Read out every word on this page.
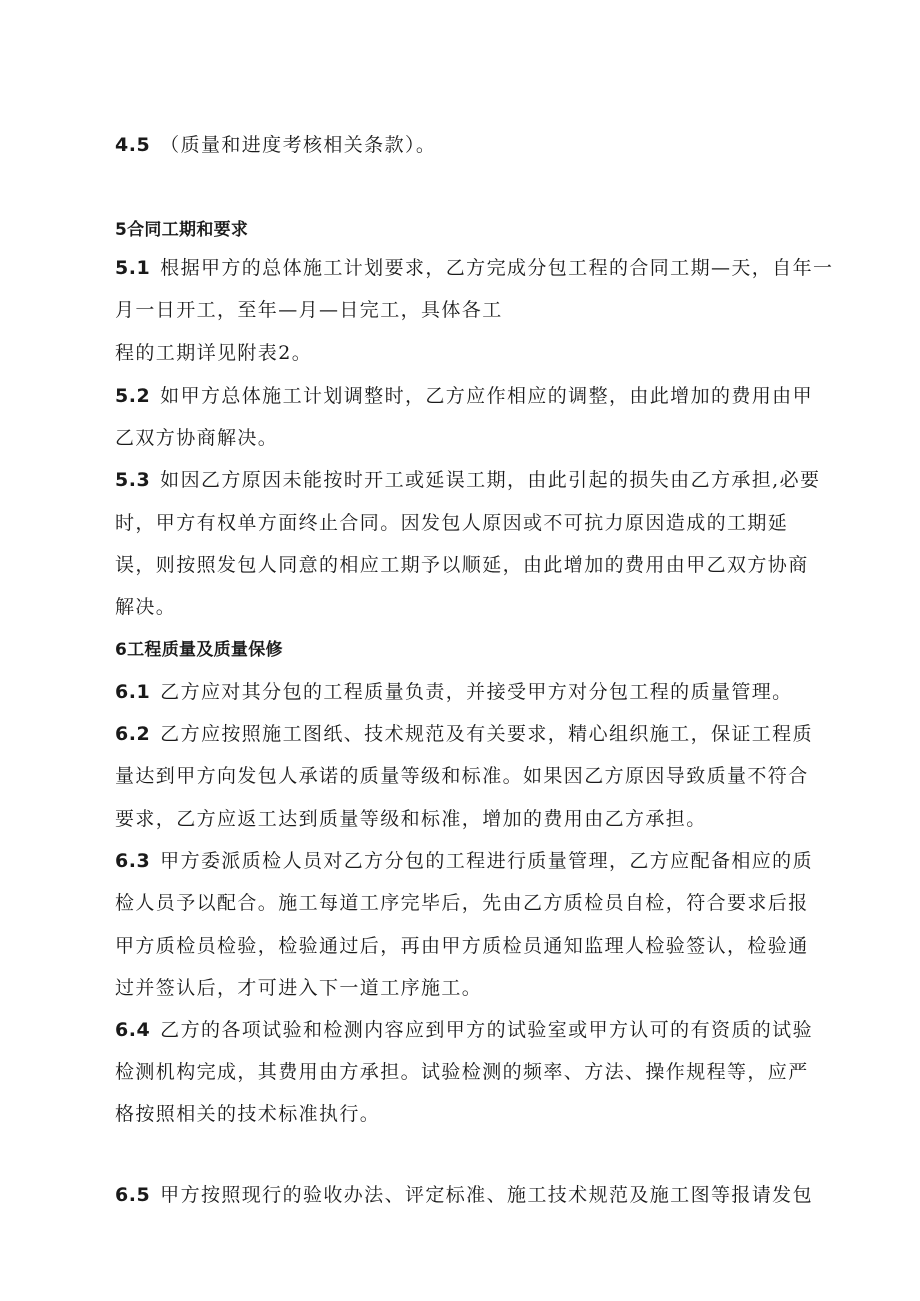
4.5 （质量和进度考核相关条款）。
5合同工期和要求
5.1 根据甲方的总体施工计划要求，乙方完成分包工程的合同工期—天，自年一
月一日开工，至年—月—日完工，具体各工
程的工期详见附表2。
5.2 如甲方总体施工计划调整时，乙方应作相应的调整，由此增加的费用由甲
乙双方协商解决。
5.3 如因乙方原因未能按时开工或延误工期，由此引起的损失由乙方承担,必要
时，甲方有权单方面终止合同。因发包人原因或不可抗力原因造成的工期延
误，则按照发包人同意的相应工期予以顺延，由此增加的费用由甲乙双方协商
解决。
6工程质量及质量保修
6.1 乙方应对其分包的工程质量负责，并接受甲方对分包工程的质量管理。
6.2 乙方应按照施工图纸、技术规范及有关要求，精心组织施工，保证工程质
量达到甲方向发包人承诺的质量等级和标准。如果因乙方原因导致质量不符合
要求，乙方应返工达到质量等级和标准，增加的费用由乙方承担。
6.3 甲方委派质检人员对乙方分包的工程进行质量管理，乙方应配备相应的质
检人员予以配合。施工每道工序完毕后，先由乙方质检员自检，符合要求后报
甲方质检员检验，检验通过后，再由甲方质检员通知监理人检验签认，检验通
过并签认后，才可进入下一道工序施工。
6.4 乙方的各项试验和检测内容应到甲方的试验室或甲方认可的有资质的试验
检测机构完成，其费用由方承担。试验检测的频率、方法、操作规程等，应严
格按照相关的技术标准执行。
6.5 甲方按照现行的验收办法、评定标准、施工技术规范及施工图等报请发包
